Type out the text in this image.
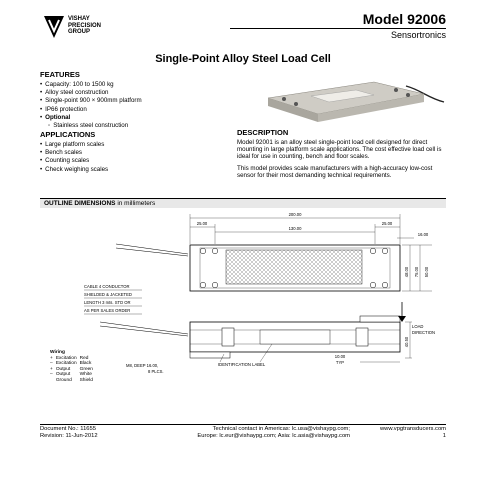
VISHAY
PRECISION
GROUP
Model 92006
Sensortronics
Single-Point Alloy Steel Load Cell
FEATURES
• Capacity: 100 to 1500 kg
• Alloy steel construction
• Single-point 900 × 900mm platform
• IP66 protection
• Optional
◦ Stainless steel construction
APPLICATIONS
• Large platform scales
• Bench scales
• Counting scales
• Check weighing scales
DESCRIPTION
Model 92001 is an alloy steel single-point load cell designed for direct mounting in large platform scale applications. The cost effective load cell is ideal for use in counting, bench and floor scales.
This model provides scale manufacturers with a high-accuracy low-cost sensor for their most demanding technical requirements.
OUTLINE DIMENSIONS in millimeters
200.00
25.00	25.00
130.00
16.00
48.00 75.00 50.00
CABLE 4 CONDUCTOR
SHIELDED & JACKETED
LENGTH 3 mts. STD OR
AS PER SALES ORDER
40.50
10.00
TYP
M8, DEEP 16.00,
8 PLCS.
IDENTIFICATION LABEL
LOAD
DIRECTION
Wiring
+	Excitation	Red
–	Excitation	Black
+	Output	Green
–	Output	White
	Ground	Shield
Document No.: 11655
Revision: 11-Jun-2012
Technical contact in Americas: lc.usa@vishaypg.com;
Europe: lc.eur@vishaypg.com; Asia: lc.asia@vishaypg.com
www.vpgtransducers.com
1
